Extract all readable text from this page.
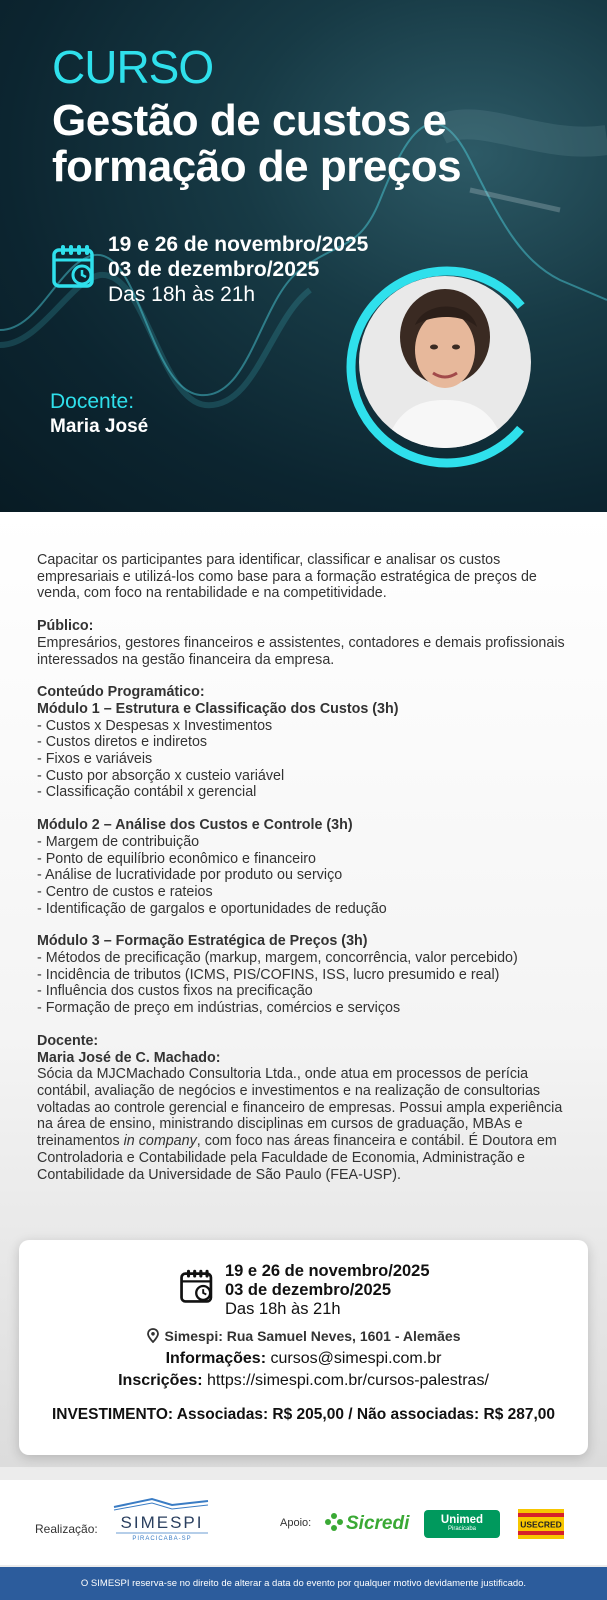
CURSO
Gestão de custos e formação de preços
19 e 26 de novembro/2025
03 de dezembro/2025
Das 18h às 21h
Docente:
Maria José

Capacitar os participantes para identificar, classificar e analisar os custos empresariais e utilizá-los como base para a formação estratégica de preços de venda, com foco na rentabilidade e na competitividade.

Público:

Empresários, gestores financeiros e assistentes, contadores e demais profissionais interessados na gestão financeira da empresa.

Conteúdo Programático:
Módulo 1 – Estrutura e Classificação dos Custos (3h)
- Custos x Despesas x Investimentos
- Custos diretos e indiretos
- Fixos e variáveis
- Custo por absorção x custeio variável
- Classificação contábil x gerencial
Módulo 2 – Análise dos Custos e Controle (3h)
- Margem de contribuição
- Ponto de equilíbrio econômico e financeiro
- Análise de lucratividade por produto ou serviço
- Centro de custos e rateios
- Identificação de gargalos e oportunidades de redução
Módulo 3 – Formação Estratégica de Preços (3h)
- Métodos de precificação (markup, margem, concorrência, valor percebido)
- Incidência de tributos (ICMS, PIS/COFINS, ISS, lucro presumido e real)
- Influência dos custos fixos na precificação
- Formação de preço em indústrias, comércios e serviços
Docente:
Maria José de C. Machado:

Sócia da MJCMachado Consultoria Ltda., onde atua em processos de perícia contábil, avaliação de negócios e investimentos e na realização de consultorias voltadas ao controle gerencial e financeiro de empresas. Possui ampla experiência na área de ensino, ministrando disciplinas em cursos de graduação, MBAs e treinamentos in company, com foco nas áreas financeira e contábil. É Doutora em Controladoria e Contabilidade pela Faculdade de Economia, Administração e Contabilidade da Universidade de São Paulo (FEA-USP).

19 e 26 de novembro/2025
03 de dezembro/2025
Das 18h às 21h
Simespi: Rua Samuel Neves, 1601 - Alemães
Informações: cursos@simespi.com.br
Inscrições: https://simespi.com.br/cursos-palestras/
INVESTIMENTO: Associadas: R$ 205,00 / Não associadas: R$ 287,00
Realização: SIMESPI
PIRACICABA-SP
Apoio:	Sicredi	Unimed
Piracicaba	USECRED
O SIMESPI reserva-se no direito de alterar a data do evento por qualquer motivo devidamente justificado.
